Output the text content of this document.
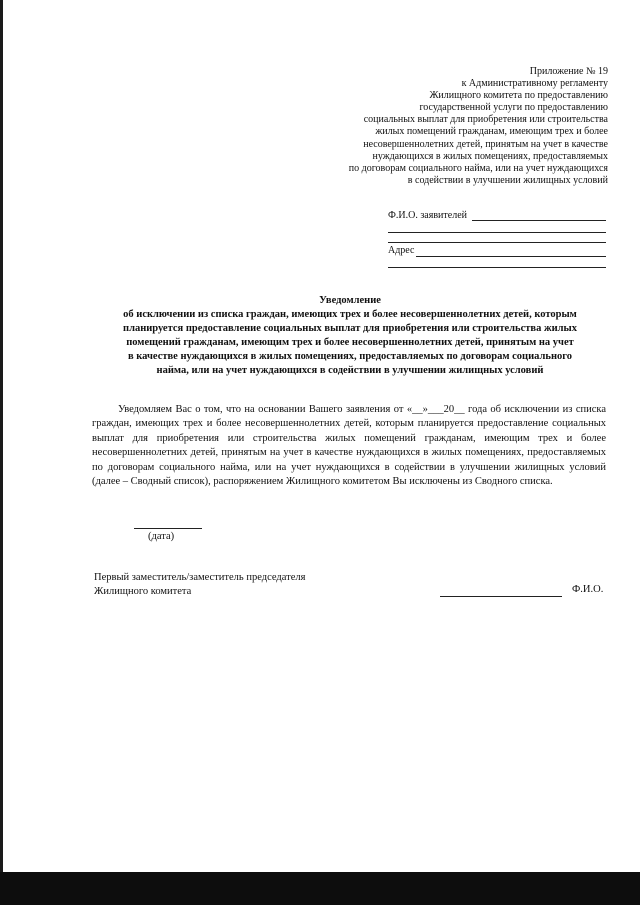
Приложение № 19
к Административному регламенту
Жилищного комитета по предоставлению
государственной услуги по предоставлению
социальных выплат для приобретения или строительства
жилых помещений гражданам, имеющим трех и более
несовершеннолетних детей, принятым на учет в качестве
нуждающихся в жилых помещениях, предоставляемых
по договорам социального найма, или на учет нуждающихся
в содействии в улучшении жилищных условий
Ф.И.О. заявителей
Адрес
Уведомление
об исключении из списка граждан, имеющих трех и более несовершеннолетних детей, которым
планируется предоставление социальных выплат для приобретения или строительства жилых
помещений гражданам, имеющим трех и более несовершеннолетних детей, принятым на учет
в качестве нуждающихся в жилых помещениях, предоставляемых по договорам социального
найма, или на учет нуждающихся в содействии в улучшении жилищных условий
Уведомляем Вас о том, что на основании Вашего заявления от «__»___20__ года об исключении из списка граждан, имеющих трех и более несовершеннолетних детей, которым планируется предоставление социальных выплат для приобретения или строительства жилых помещений гражданам, имеющим трех и более несовершеннолетних детей, принятым на учет в качестве нуждающихся в жилых помещениях, предоставляемых по договорам социального найма, или на учет нуждающихся в содействии в улучшении жилищных условий (далее – Сводный список), распоряжением Жилищного комитетом Вы исключены из Сводного списка.
(дата)
Первый заместитель/заместитель председателя
Жилищного комитета	Ф.И.О.
